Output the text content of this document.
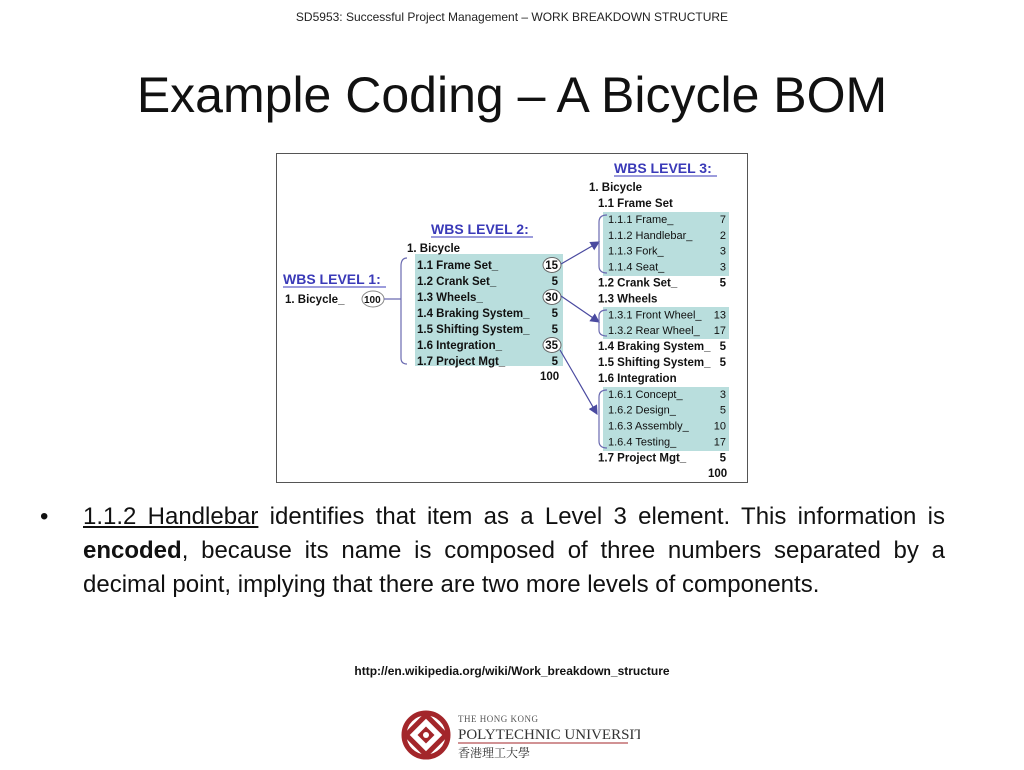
SD5953: Successful Project Management – WORK BREAKDOWN STRUCTURE
Example Coding – A Bicycle BOM
WBS LEVEL 1:
1. Bicycle_ 100
WBS LEVEL 2:
1. Bicycle
1.1 Frame Set_	15
1.2 Crank Set_	5
1.3 Wheels_	30
1.4 Braking System_ 5
1.5 Shifting System_ 5
1.6 Integration_	35
1.7 Project Mgt_	5
100
WBS LEVEL 3:
1. Bicycle
1.1 Frame Set
1.1.1 Frame_	7
1.1.2 Handlebar_ 2
1.1.3 Fork_	3
1.1.4 Seat_	3
1.2 Crank Set_	5
1.3 Wheels
1.3.1 Front Wheel_ 13
1.3.2 Rear Wheel_ 17
1.4 Braking System_ 5
1.5 Shifting System_ 5
1.6 Integration
1.6.1 Concept_	3
1.6.2 Design_	5
1.6.3 Assembly_ 10
1.6.4 Testing_	17
1.7 Project Mgt_	5
100
•	1.1.2 Handlebar identifies that item as a Level 3 element. This information is encoded, because its name is composed of three numbers separated by a decimal point, implying that there are two more levels of components.
http://en.wikipedia.org/wiki/Work_breakdown_structure
THE HONG KONG
POLYTECHNIC UNIVERSITY
香港理工大學
